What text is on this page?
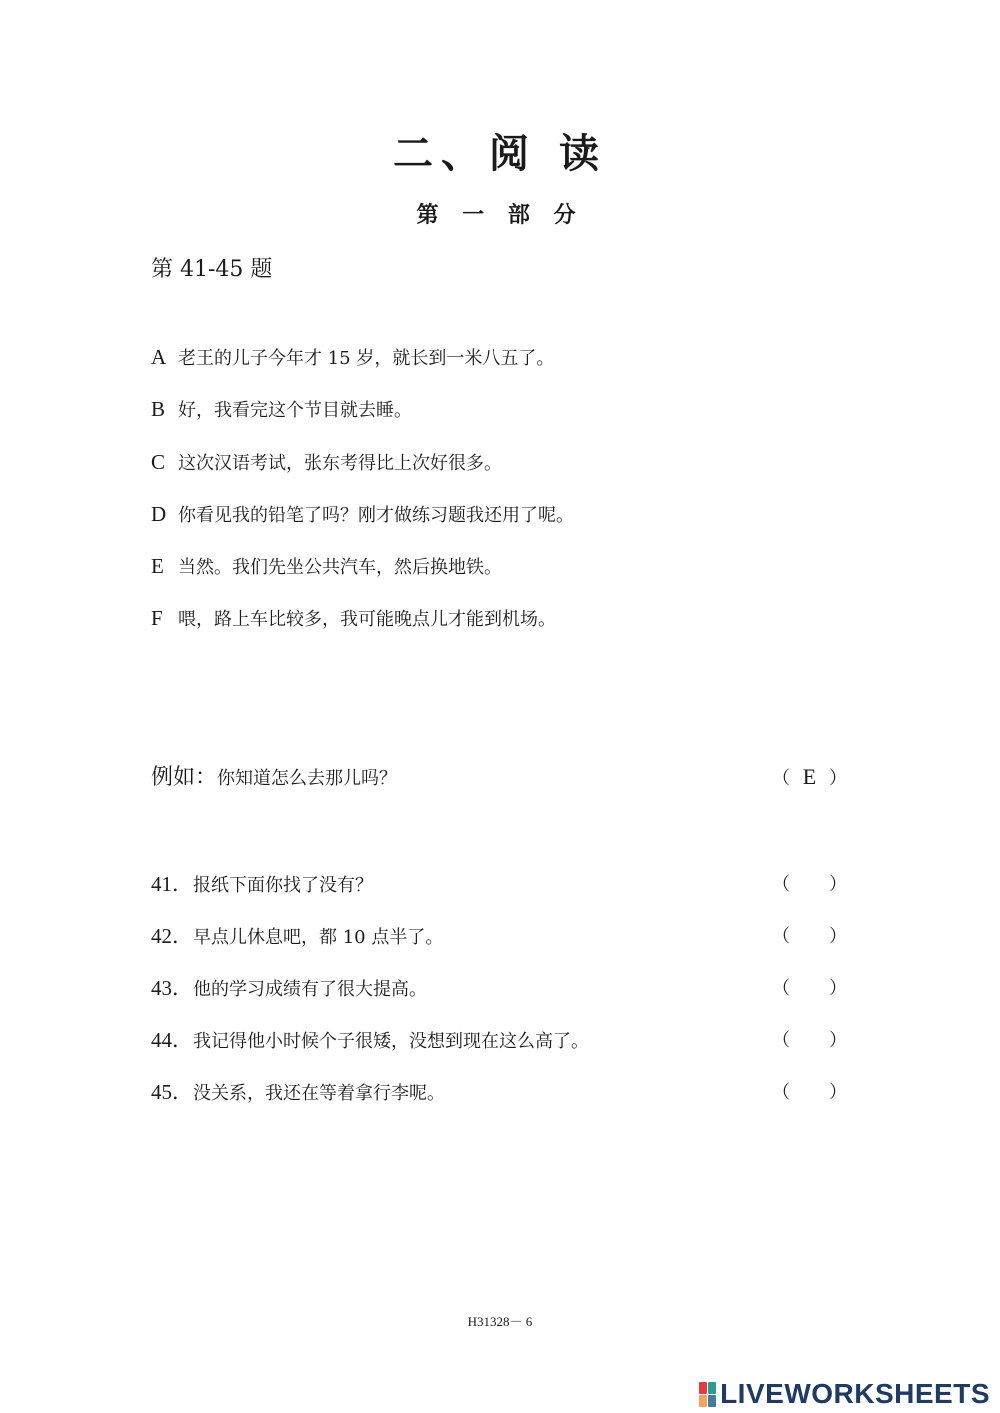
二、阅 读
第 一 部 分
第 41-45 题
A 老王的儿子今年才 15 岁，就长到一米八五了。
B 好，我看完这个节目就去睡。
C 这次汉语考试，张东考得比上次好很多。
D 你看见我的铅笔了吗？刚才做练习题我还用了呢。
E 当然。我们先坐公共汽车，然后换地铁。
F 喂，路上车比较多，我可能晚点儿才能到机场。
例如：你知道怎么去那儿吗？	（ E ）
41．报纸下面你找了没有？	（ ）
42．早点儿休息吧，都 10 点半了。	（ ）
43．他的学习成绩有了很大提高。	（ ）
44．我记得他小时候个子很矮，没想到现在这么高了。	（ ）
45．没关系，我还在等着拿行李呢。	（ ）
H31328－ 6
LIVEWORKSHEETS
